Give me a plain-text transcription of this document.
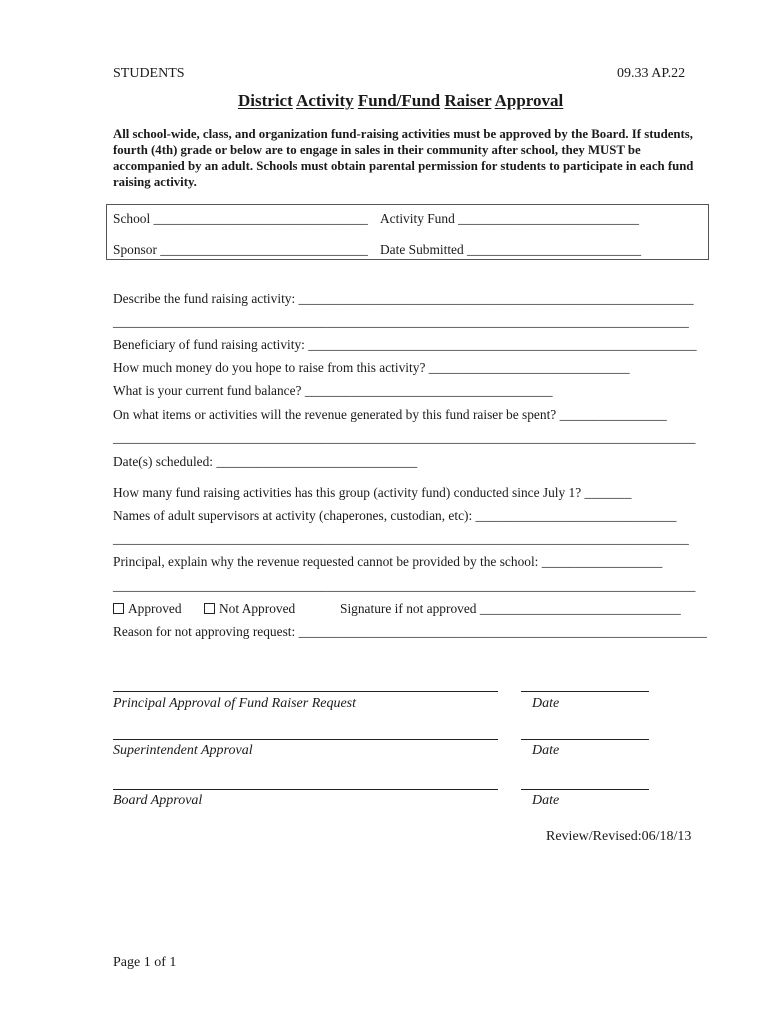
STUDENTS	09.33 AP.22
District Activity Fund/Fund Raiser Approval
All school-wide, class, and organization fund-raising activities must be approved by the Board. If students, fourth (4th) grade or below are to engage in sales in their community after school, they MUST be accompanied by an adult. Schools must obtain parental permission for students to participate in each fund raising activity.
School ________________________________ Activity Fund ___________________________
Sponsor _______________________________ Date Submitted __________________________
Describe the fund raising activity: ___________________________________________________________
______________________________________________________________________________________
Beneficiary of fund raising activity: __________________________________________________________
How much money do you hope to raise from this activity? ______________________________
What is your current fund balance? _____________________________________
On what items or activities will the revenue generated by this fund raiser be spent? ________________
_______________________________________________________________________________________
Date(s) scheduled: ______________________________
How many fund raising activities has this group (activity fund) conducted since July 1? _______
Names of adult supervisors at activity (chaperones, custodian, etc): ______________________________
______________________________________________________________________________________
Principal, explain why the revenue requested cannot be provided by the school: __________________
_______________________________________________________________________________________
Approved	Not Approved	Signature if not approved ______________________________
Reason for not approving request: _____________________________________________________________
Principal Approval of Fund Raiser Request	Date
Superintendent Approval	Date
Board Approval	Date
Review/Revised:06/18/13
Page 1 of 1
